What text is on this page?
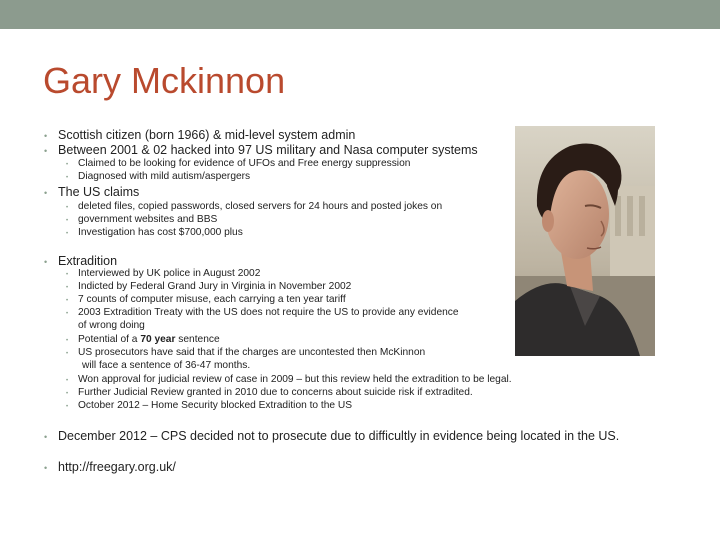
Gary Mckinnon
• Scottish citizen (born 1966) & mid-level system admin
• Between 2001 & 02 hacked into 97 US military and Nasa computer systems
• Claimed to be looking for evidence of UFOs and Free energy suppression
• Diagnosed with mild autism/aspergers
• The US claims
• deleted files, copied passwords, closed servers for 24 hours and posted jokes on
• government websites and BBS
• Investigation has cost $700,000 plus
• Extradition
• Interviewed by UK police in August 2002
• Indicted by Federal Grand Jury in Virginia in November 2002
• 7 counts of computer misuse, each carrying a ten year tariff
• 2003 Extradition Treaty with the US does not require the US to provide any evidence
of wrong doing
• Potential of a 70 year sentence
• US prosecutors have said that if the charges are uncontested then McKinnon
will face a sentence of 36-47 months.
• Won approval for judicial review of case in 2009 – but this review held the extradition to be legal.
• Further Judicial Review granted in 2010 due to concerns about suicide risk if extradited.
• October 2012 – Home Security blocked Extradition to the US
• December 2012 – CPS decided not to prosecute due to difficultly in evidence being located in the US.
• http://freegary.org.uk/
